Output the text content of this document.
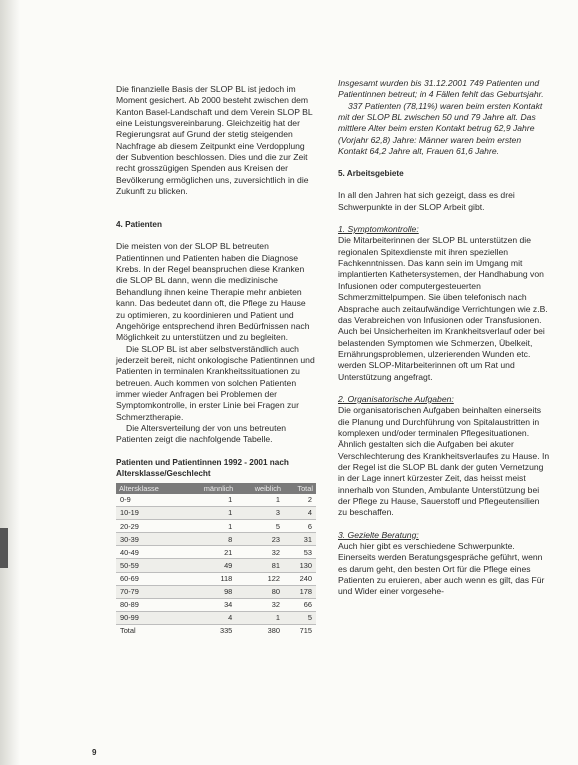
Die finanzielle Basis der SLOP BL ist jedoch im Moment gesichert. Ab 2000 besteht zwischen dem Kanton Basel-Landschaft und dem Verein SLOP BL eine Leistungsvereinbarung. Gleichzeitig hat der Regierungsrat auf Grund der stetig steigenden Nachfrage ab diesem Zeitpunkt eine Verdopplung der Subvention beschlossen. Dies und die zur Zeit recht grosszügigen Spenden aus Kreisen der Bevölkerung ermöglichen uns, zuversichtlich in die Zukunft zu blicken.

4. Patienten

Die meisten von der SLOP BL betreuten Patientinnen und Patienten haben die Diagnose Krebs. In der Regel beanspruchen diese Kranken die SLOP BL dann, wenn die medizinische Behandlung ihnen keine Therapie mehr anbieten kann. Das bedeutet dann oft, die Pflege zu Hause zu optimieren, zu koordinieren und Patient und Angehörige entsprechend ihren Bedürfnissen nach Möglichkeit zu unterstützen und zu begleiten.

Die SLOP BL ist aber selbstverständlich auch jederzeit bereit, nicht onkologische Patientinnen und Patienten in terminalen Krankheitssituationen zu betreuen. Auch kommen von solchen Patienten immer wieder Anfragen bei Problemen der Symptomkontrolle, in erster Linie bei Fragen zur Schmerztherapie.

Die Altersverteilung der von uns betreuten Patienten zeigt die nachfolgende Tabelle.

Patienten und Patientinnen 1992 - 2001 nach Altersklasse/Geschlecht
Altersklasse	männlich	weiblich	Total
0-9	1	1	2
10-19	1	3	4
20-29	1	5	6
30-39	8	23	31
40-49	21	32	53
50-59	49	81	130
60-69	118	122	240
70-79	98	80	178
80-89	34	32	66
90-99	4	1	5
Total	335	380	715

Insgesamt wurden bis 31.12.2001 749 Patienten und Patientinnen betreut; in 4 Fällen fehlt das Geburtsjahr.

337 Patienten (78,11%) waren beim ersten Kontakt mit der SLOP BL zwischen 50 und 79 Jahre alt. Das mittlere Alter beim ersten Kontakt betrug 62,9 Jahre (Vorjahr 62,8) Jahre: Männer waren beim ersten Kontakt 64,2 Jahre alt, Frauen 61,6 Jahre.

5. Arbeitsgebiete

In all den Jahren hat sich gezeigt, dass es drei Schwerpunkte in der SLOP Arbeit gibt.

1. Symptomkontrolle:

Die Mitarbeiterinnen der SLOP BL unterstützen die regionalen Spitexdienste mit ihren speziellen Fachkenntnissen. Das kann sein im Umgang mit implantierten Kathetersystemen, der Handhabung von Infusionen oder computergesteuerten Schmerzmittelpumpen. Sie üben telefonisch nach Absprache auch zeitaufwändige Verrichtungen wie z.B. das Verabreichen von Infusionen oder Transfusionen.

Auch bei Unsicherheiten im Krankheitsverlauf oder bei belastenden Symptomen wie Schmerzen, Übelkeit, Ernährungsproblemen, ulzerierenden Wunden etc. werden SLOP-Mitarbeiterinnen oft um Rat und Unterstützung angefragt.

2. Organisatorische Aufgaben:

Die organisatorischen Aufgaben beinhalten einerseits die Planung und Durchführung von Spitalaustritten in komplexen und/oder terminalen Pflegesituationen. Ähnlich gestalten sich die Aufgaben bei akuter Verschlechterung des Krankheitsverlaufes zu Hause. In der Regel ist die SLOP BL dank der guten Vernetzung in der Lage innert kürzester Zeit, das heisst meist innerhalb von Stunden, Ambulante Unterstützung bei der Pflege zu Hause, Sauerstoff und Pflegeutensilien zu beschaffen.

3. Gezielte Beratung:

Auch hier gibt es verschiedene Schwerpunkte. Einerseits werden Beratungsgespräche geführt, wenn es darum geht, den besten Ort für die Pflege eines Patienten zu eruieren, aber auch wenn es gilt, das Für und Wider einer vorgesehe-

9
